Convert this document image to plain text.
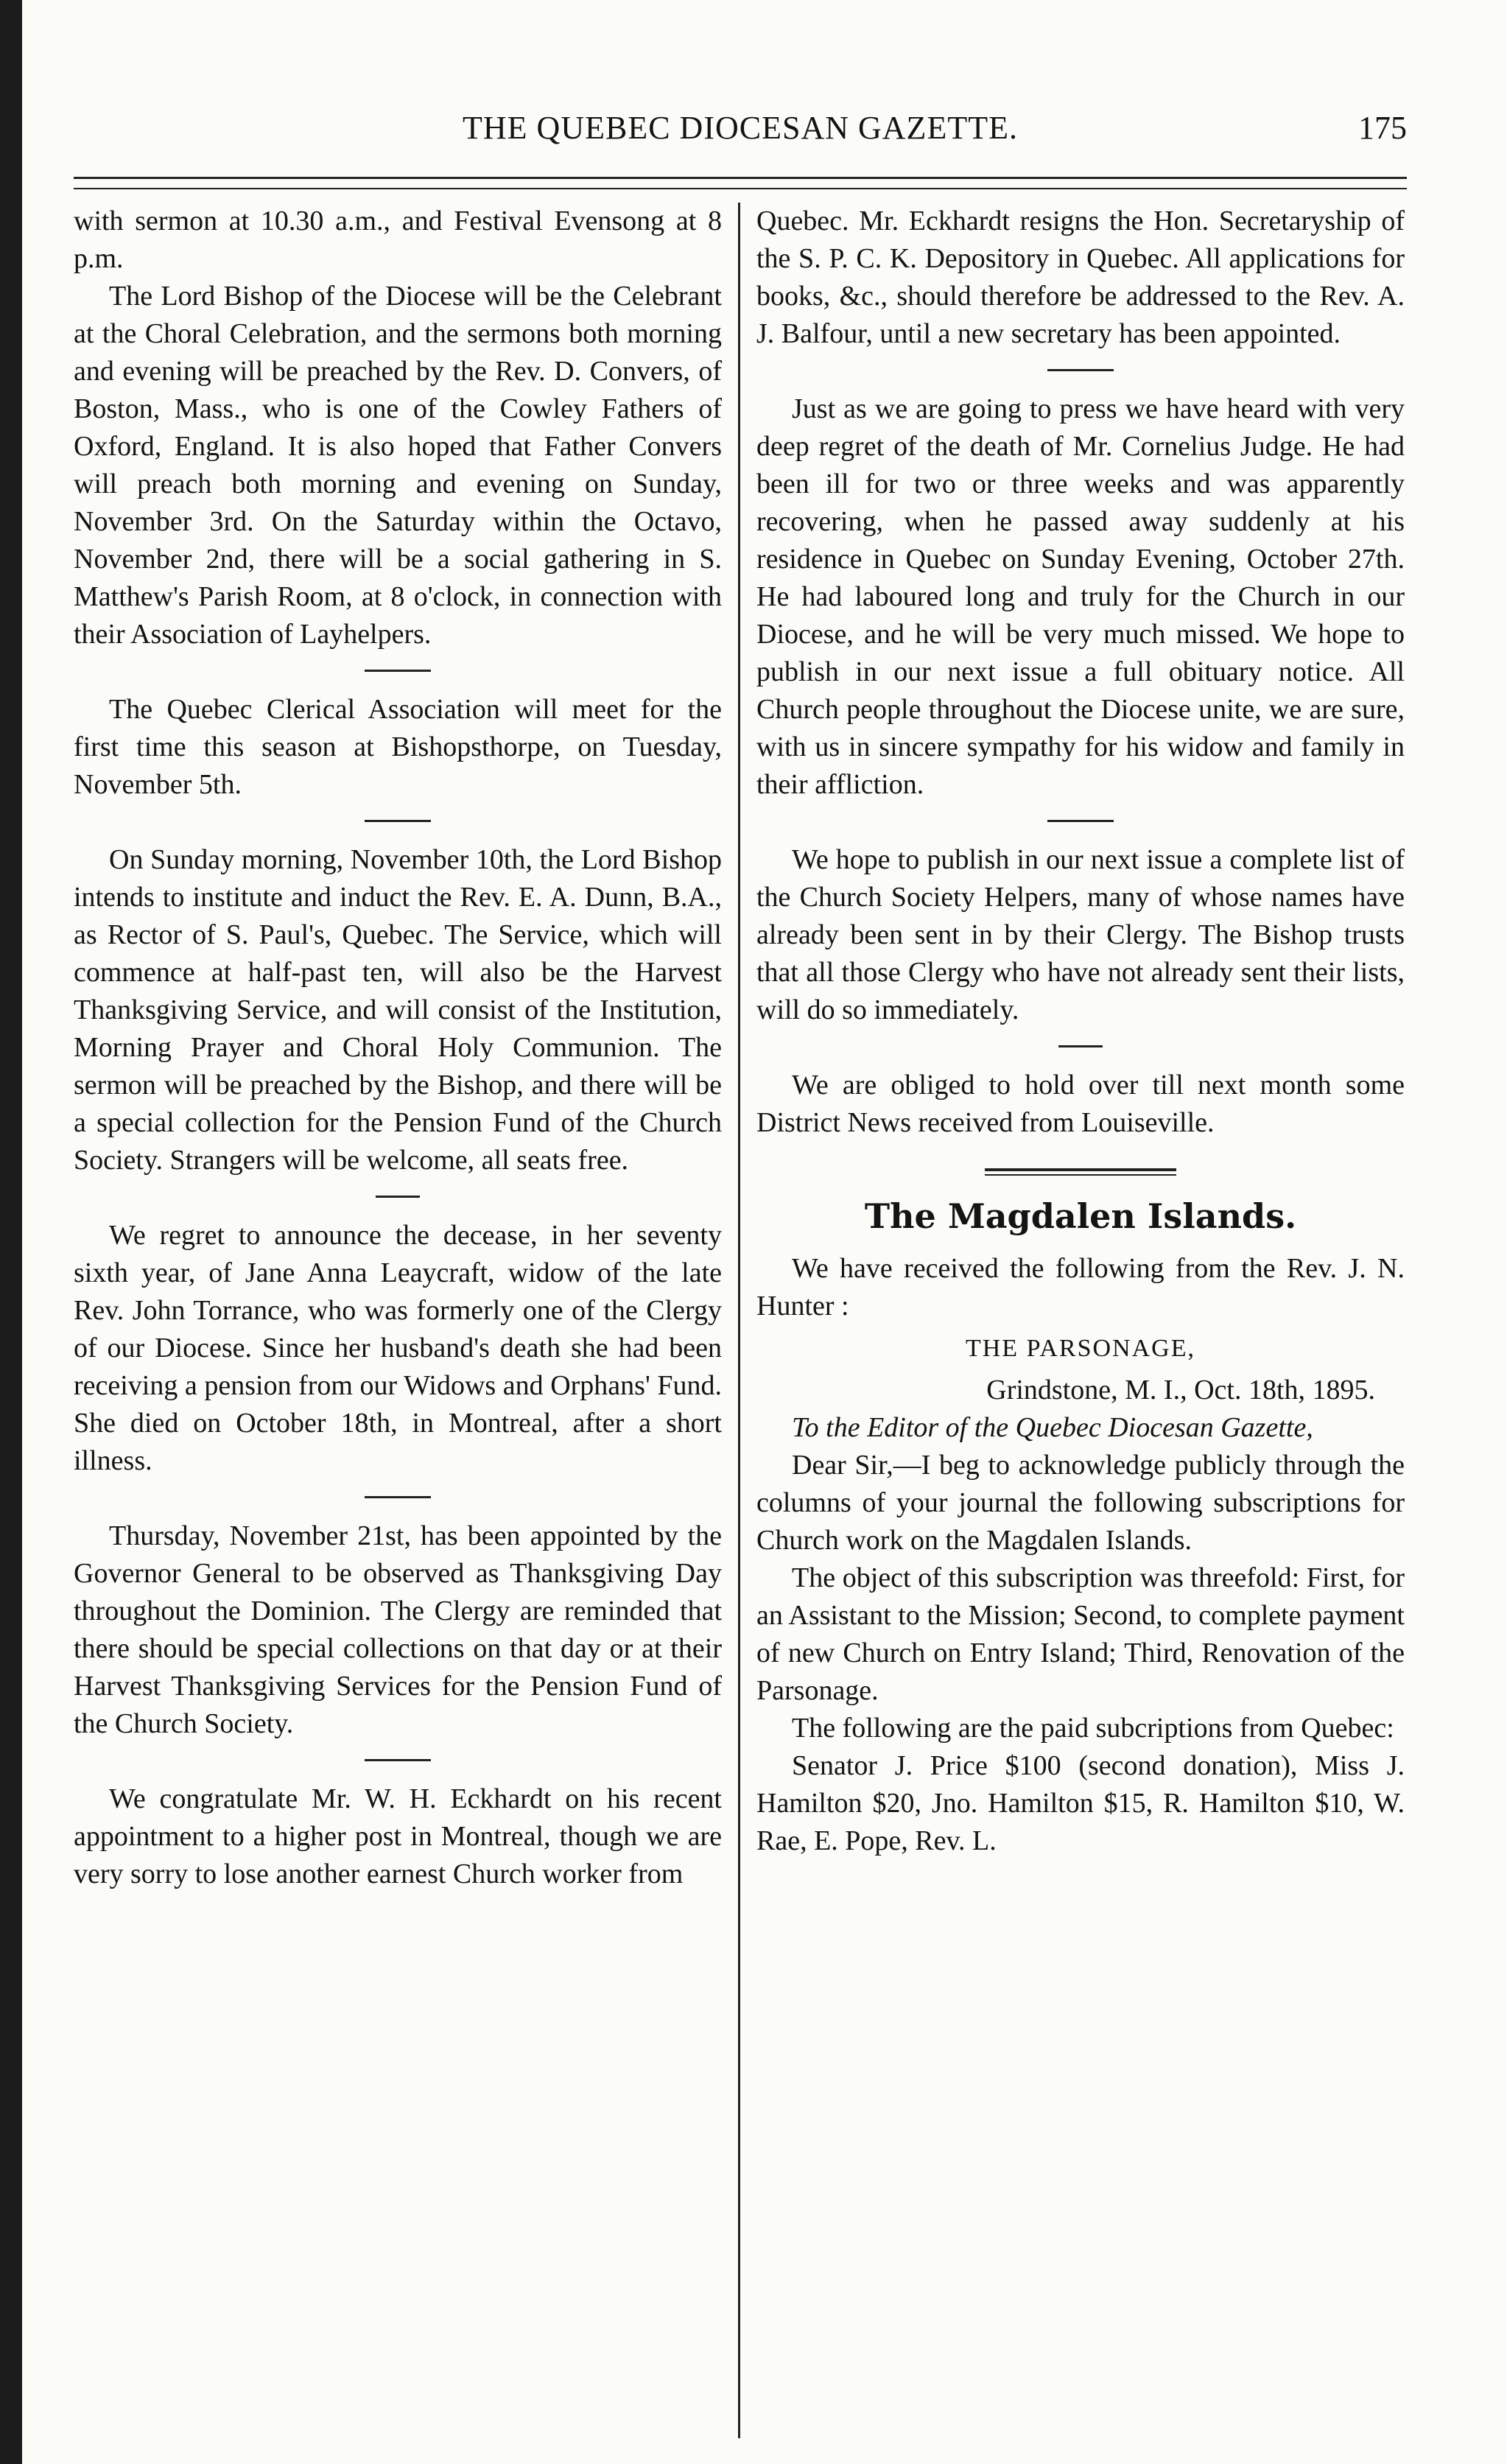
THE QUEBEC DIOCESAN GAZETTE.	175

with sermon at 10.30 a.m., and Festival Evensong at 8 p.m.

The Lord Bishop of the Diocese will be the Celebrant at the Choral Celebration, and the sermons both morning and evening will be preached by the Rev. D. Convers, of Boston, Mass., who is one of the Cowley Fathers of Oxford, England. It is also hoped that Father Convers will preach both morning and evening on Sunday, November 3rd. On the Saturday within the Octavo, November 2nd, there will be a social gathering in S. Matthew's Parish Room, at 8 o'clock, in connection with their Association of Layhelpers.

The Quebec Clerical Association will meet for the first time this season at Bishopsthorpe, on Tuesday, November 5th.

On Sunday morning, November 10th, the Lord Bishop intends to institute and induct the Rev. E. A. Dunn, B.A., as Rector of S. Paul's, Quebec. The Service, which will commence at half-past ten, will also be the Harvest Thanksgiving Service, and will consist of the Institution, Morning Prayer and Choral Holy Communion. The sermon will be preached by the Bishop, and there will be a special collection for the Pension Fund of the Church Society. Strangers will be welcome, all seats free.

We regret to announce the decease, in her seventy sixth year, of Jane Anna Leaycraft, widow of the late Rev. John Torrance, who was formerly one of the Clergy of our Diocese. Since her husband's death she had been receiving a pension from our Widows and Orphans' Fund. She died on October 18th, in Montreal, after a short illness.

Thursday, November 21st, has been appointed by the Governor General to be observed as Thanksgiving Day throughout the Dominion. The Clergy are reminded that there should be special collections on that day or at their Harvest Thanksgiving Services for the Pension Fund of the Church Society.

We congratulate Mr. W. H. Eckhardt on his recent appointment to a higher post in Montreal, though we are very sorry to lose another earnest Church worker from

Quebec. Mr. Eckhardt resigns the Hon. Secretaryship of the S. P. C. K. Depository in Quebec. All applications for books, &c., should therefore be addressed to the Rev. A. J. Balfour, until a new secretary has been appointed.

Just as we are going to press we have heard with very deep regret of the death of Mr. Cornelius Judge. He had been ill for two or three weeks and was apparently recovering, when he passed away suddenly at his residence in Quebec on Sunday Evening, October 27th. He had laboured long and truly for the Church in our Diocese, and he will be very much missed. We hope to publish in our next issue a full obituary notice. All Church people throughout the Diocese unite, we are sure, with us in sincere sympathy for his widow and family in their affliction.

We hope to publish in our next issue a complete list of the Church Society Helpers, many of whose names have already been sent in by their Clergy. The Bishop trusts that all those Clergy who have not already sent their lists, will do so immediately.

We are obliged to hold over till next month some District News received from Louiseville.

The Magdalen Islands.

We have received the following from the Rev. J. N. Hunter :

THE PARSONAGE,

Grindstone, M. I., Oct. 18th, 1895.

To the Editor of the Quebec Diocesan Gazette,

Dear Sir,—I beg to acknowledge publicly through the columns of your journal the following subscriptions for Church work on the Magdalen Islands.

The object of this subscription was threefold: First, for an Assistant to the Mission; Second, to complete payment of new Church on Entry Island; Third, Renovation of the Parsonage.

The following are the paid subcriptions from Quebec:

Senator J. Price $100 (second donation), Miss J. Hamilton $20, Jno. Hamilton $15, R. Hamilton $10, W. Rae, E. Pope, Rev. L.
